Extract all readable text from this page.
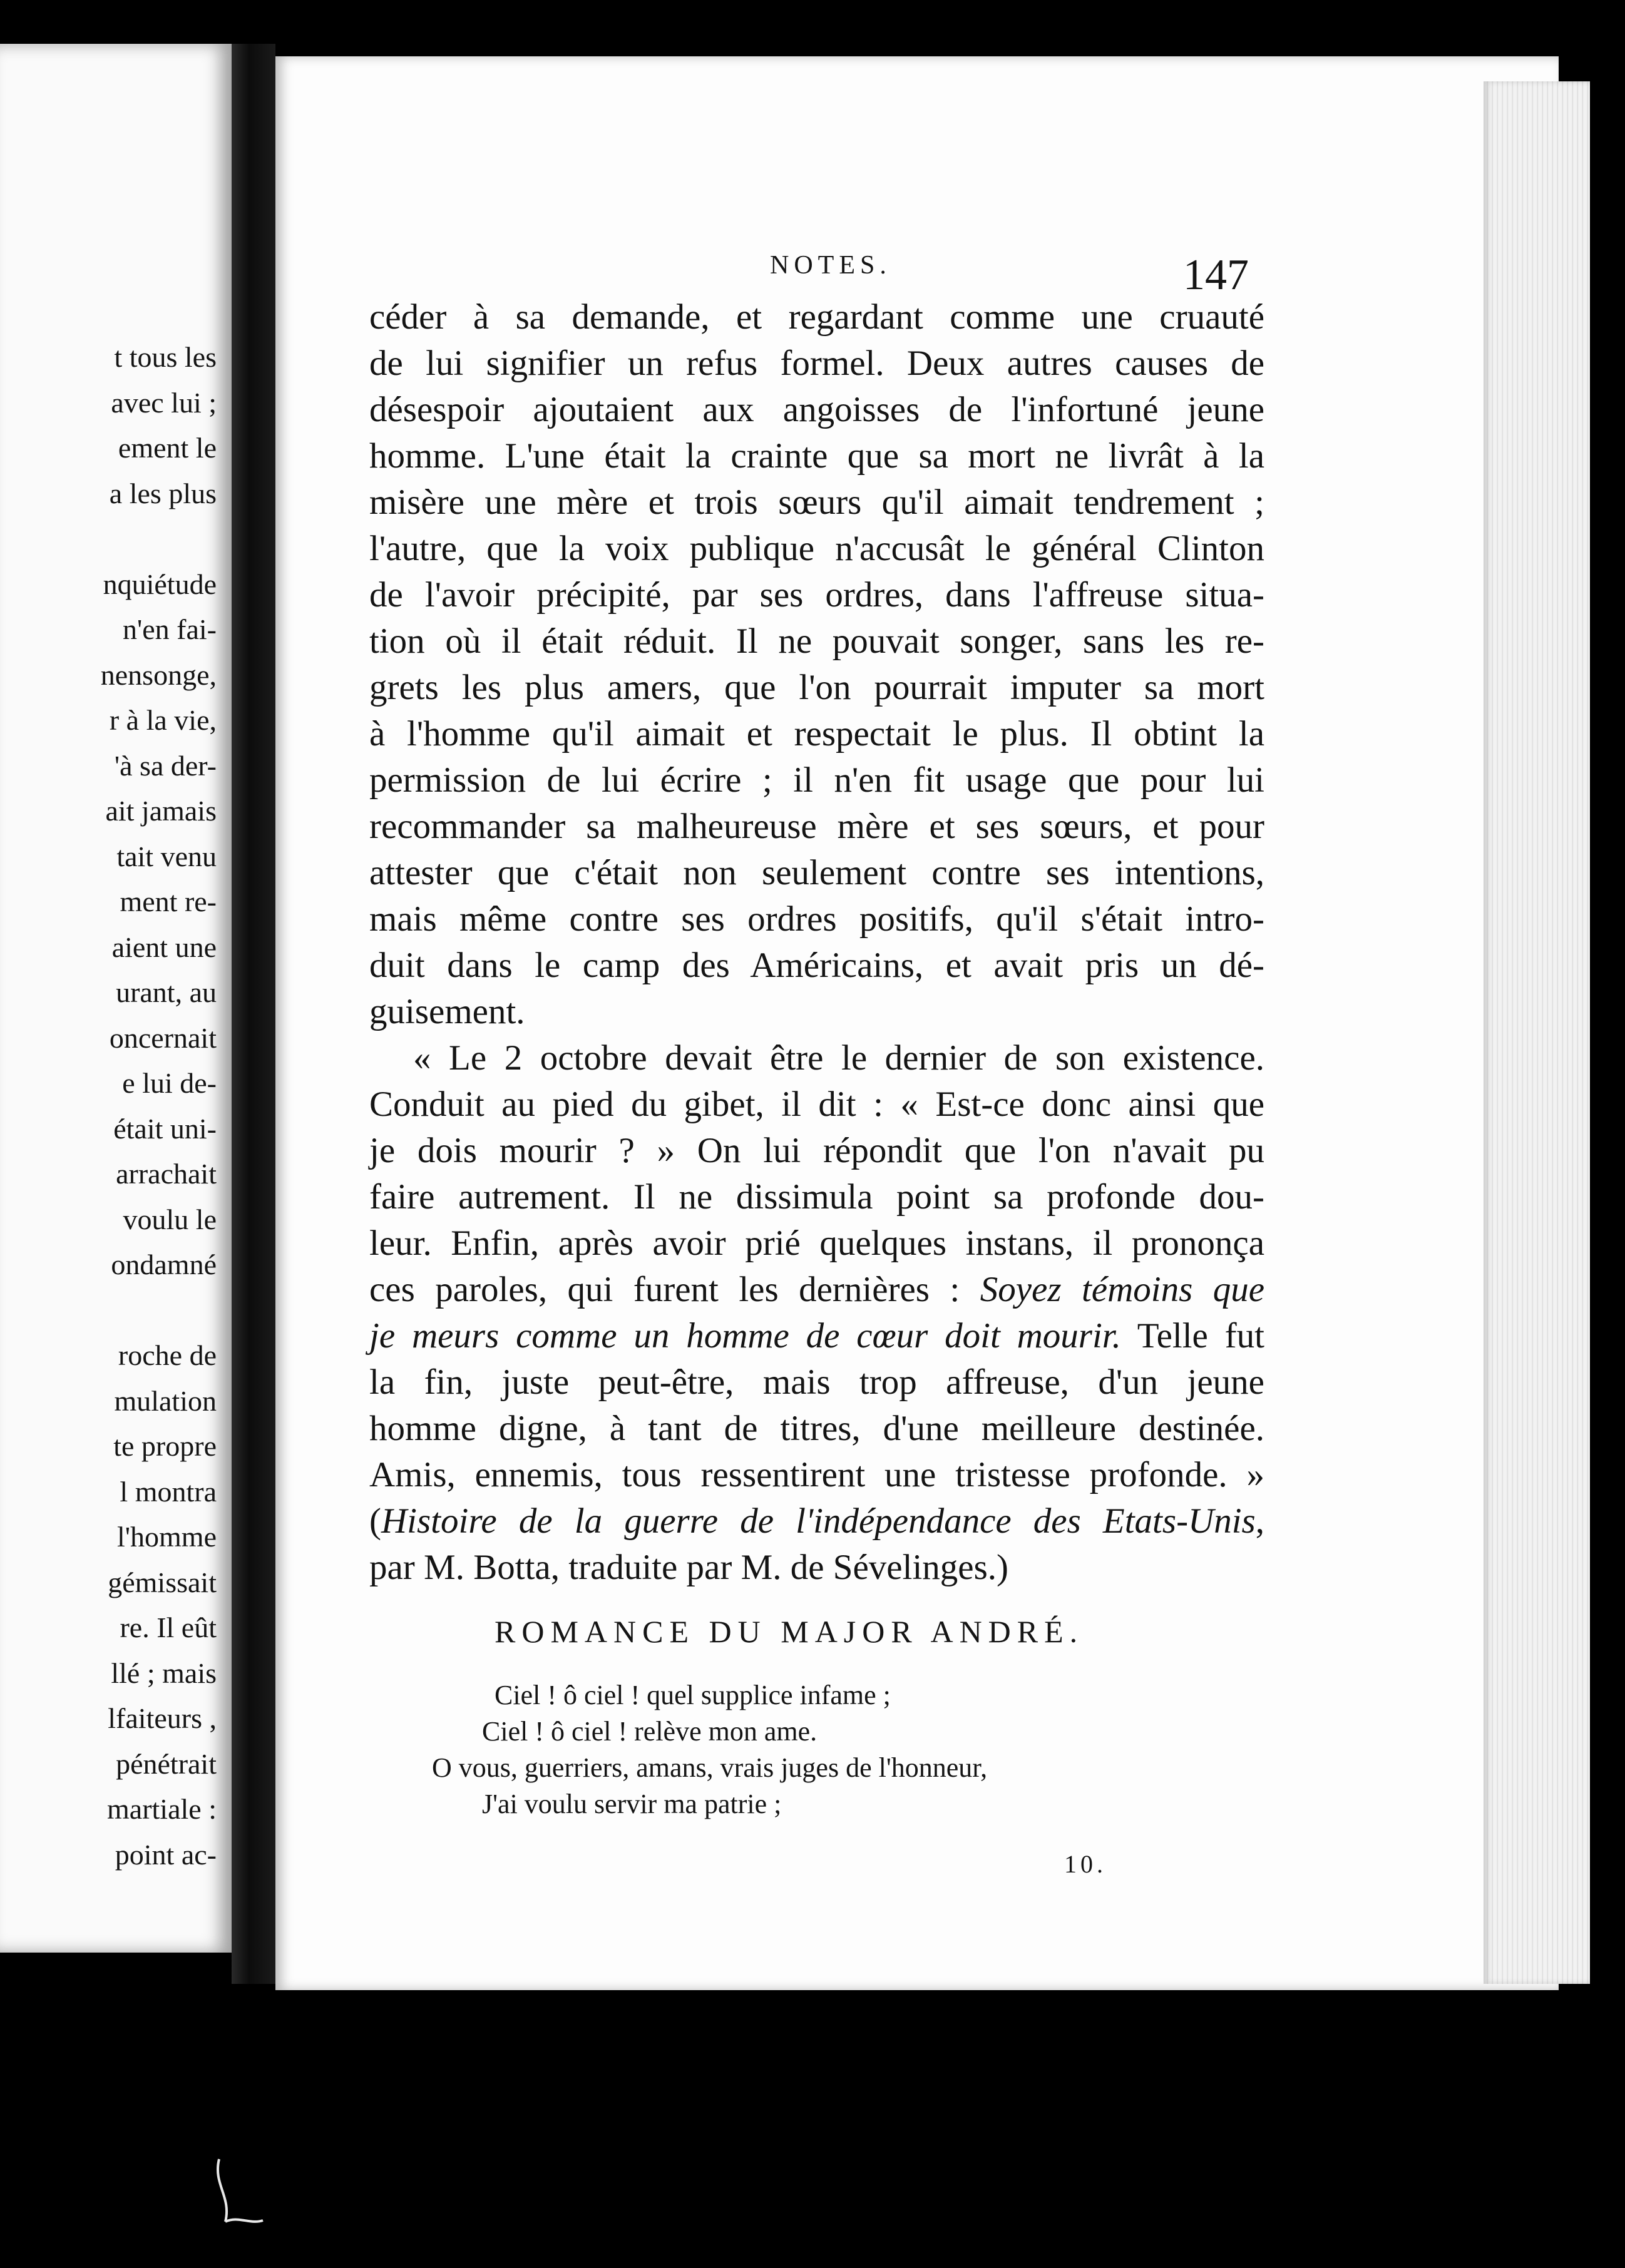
t tous les
avec lui ;
ement le
a les plus
nquiétude
n'en fai-
nensonge,
r à la vie,
'à sa der-
ait jamais
tait venu
ment re-
aient une
urant, au
oncernait
e lui de-
était uni-
arrachait
voulu le
ondamné
roche de
mulation
te propre
l montra
l'homme
gémissait
re. Il eût
llé ; mais
lfaiteurs ,
pénétrait
martiale :
point ac-
NOTES.	147
céder à sa demande, et regardant comme une cruauté
de lui signifier un refus formel. Deux autres causes de
désespoir ajoutaient aux angoisses de l'infortuné jeune
homme. L'une était la crainte que sa mort ne livrât à la
misère une mère et trois sœurs qu'il aimait tendrement ;
l'autre, que la voix publique n'accusât le général Clinton
de l'avoir précipité, par ses ordres, dans l'affreuse situa-
tion où il était réduit. Il ne pouvait songer, sans les re-
grets les plus amers, que l'on pourrait imputer sa mort
à l'homme qu'il aimait et respectait le plus. Il obtint la
permission de lui écrire ; il n'en fit usage que pour lui
recommander sa malheureuse mère et ses sœurs, et pour
attester que c'était non seulement contre ses intentions,
mais même contre ses ordres positifs, qu'il s'était intro-
duit dans le camp des Américains, et avait pris un dé-
guisement.
« Le 2 octobre devait être le dernier de son existence.
Conduit au pied du gibet, il dit : « Est-ce donc ainsi que
je dois mourir ? » On lui répondit que l'on n'avait pu
faire autrement. Il ne dissimula point sa profonde dou-
leur. Enfin, après avoir prié quelques instans, il prononça
ces paroles, qui furent les dernières : Soyez témoins que
je meurs comme un homme de cœur doit mourir. Telle fut
la fin, juste peut-être, mais trop affreuse, d'un jeune
homme digne, à tant de titres, d'une meilleure destinée.
Amis, ennemis, tous ressentirent une tristesse profonde. »
(Histoire de la guerre de l'indépendance des Etats-Unis,
par M. Botta, traduite par M. de Sévelinges.)
ROMANCE DU MAJOR ANDRÉ.
Ciel ! ô ciel ! quel supplice infame ;
Ciel ! ô ciel ! relève mon ame.
O vous, guerriers, amans, vrais juges de l'honneur,
J'ai voulu servir ma patrie ;
10.
